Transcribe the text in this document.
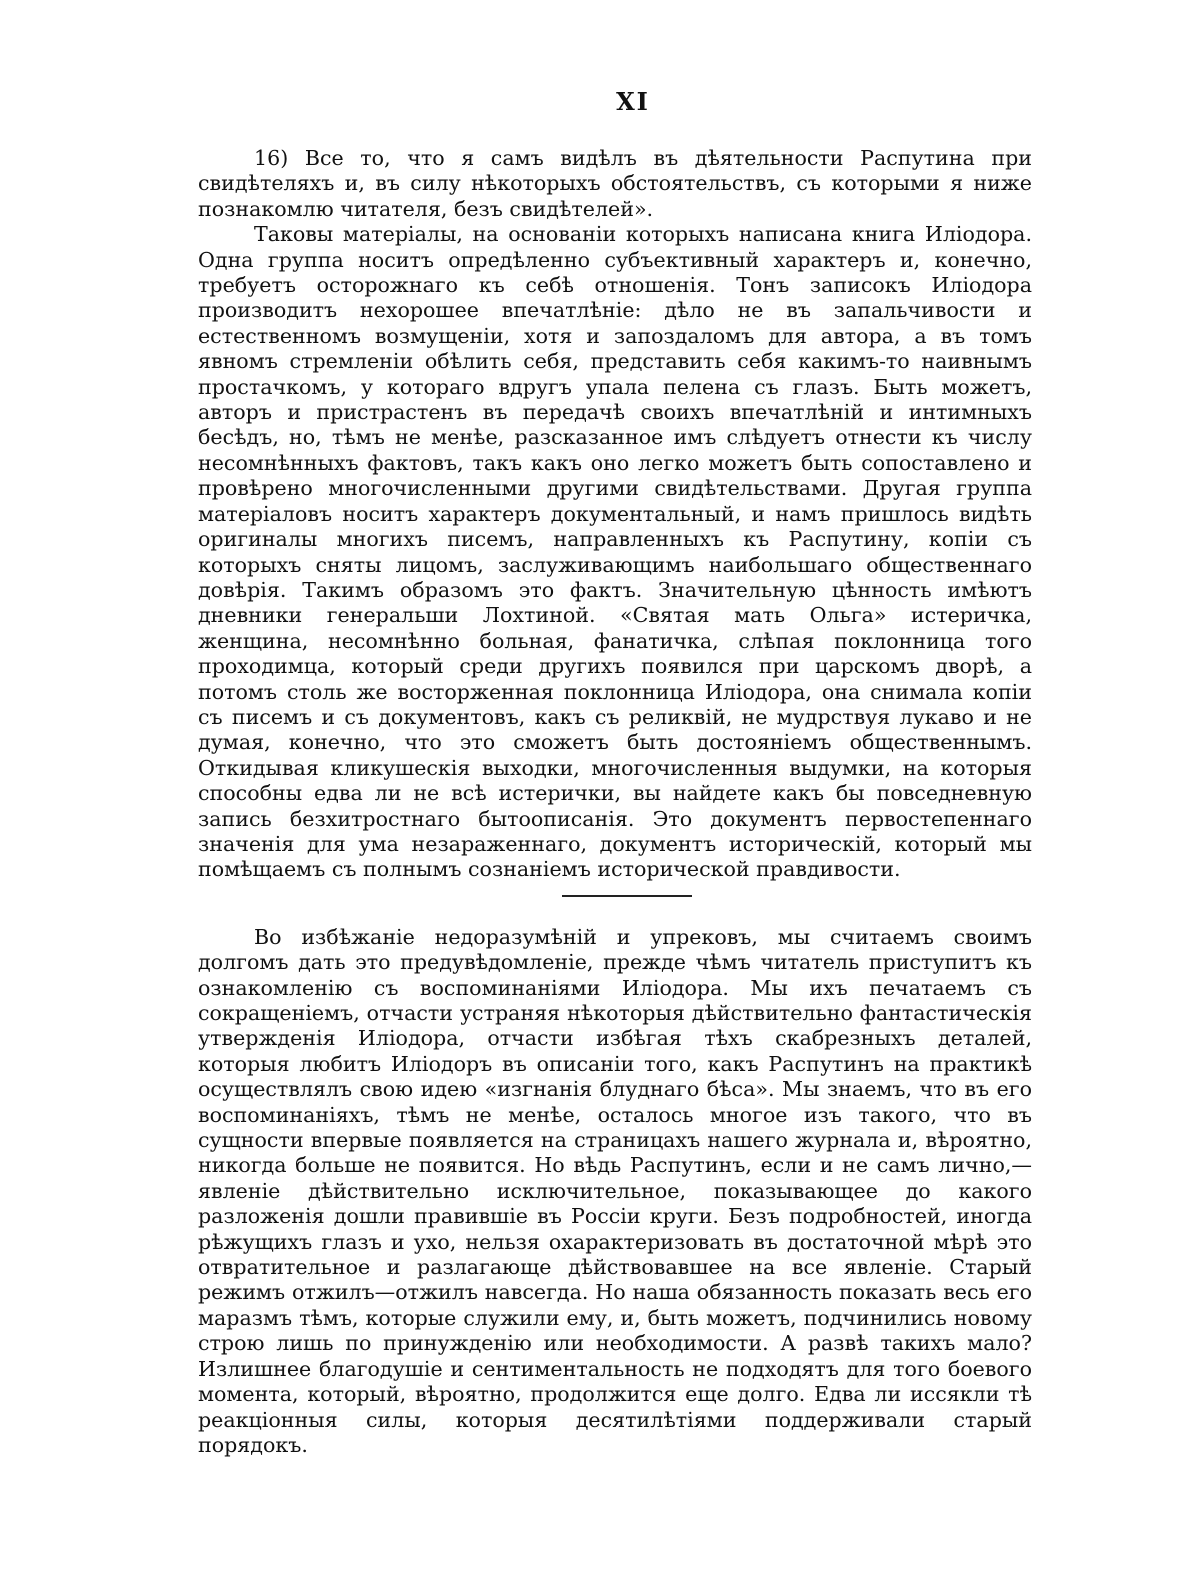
XI

16) Все то, что я самъ видѣлъ въ дѣятельности Распутина при свидѣтеляхъ и, въ силу нѣкоторыхъ обстоятельствъ, съ которыми я ниже познакомлю читателя, безъ свидѣтелей».

Таковы матеріалы, на основаніи которыхъ написана книга Иліодора. Одна группа носитъ опредѣленно субъективный характеръ и, конечно, требуетъ осторожнаго къ себѣ отношенія. Тонъ записокъ Иліодора производитъ нехорошее впечатлѣніе: дѣло не въ запальчивости и естественномъ возмущеніи, хотя и запоздаломъ для автора, а въ томъ явномъ стремленіи обѣлить себя, представить себя какимъ-то наивнымъ простачкомъ, у котораго вдругъ упала пелена съ глазъ. Быть можетъ, авторъ и пристрастенъ въ передачѣ своихъ впечатлѣній и интимныхъ бесѣдъ, но, тѣмъ не менѣе, разсказанное имъ слѣдуетъ отнести къ числу несомнѣнныхъ фактовъ, такъ какъ оно легко можетъ быть сопоставлено и провѣрено многочисленными другими свидѣтельствами. Другая группа матеріаловъ носитъ характеръ документальный, и намъ пришлось видѣть оригиналы многихъ писемъ, направленныхъ къ Распутину, копіи съ которыхъ сняты лицомъ, заслуживающимъ наибольшаго общественнаго довѣрія. Такимъ образомъ это фактъ. Значительную цѣнность имѣютъ дневники генеральши Лохтиной. «Святая мать Ольга» истеричка, женщина, несомнѣнно больная, фанатичка, слѣпая поклонница того проходимца, который среди другихъ появился при царскомъ дворѣ, а потомъ столь же восторженная поклонница Иліодора, она снимала копіи съ писемъ и съ документовъ, какъ съ реликвій, не мудрствуя лукаво и не думая, конечно, что это сможетъ быть достояніемъ общественнымъ. Откидывая кликушескія выходки, многочисленныя выдумки, на которыя способны едва ли не всѣ истерички, вы найдете какъ бы повседневную запись безхитростнаго бытоописанія. Это документъ первостепеннаго значенія для ума незараженнаго, документъ историческій, который мы помѣщаемъ съ полнымъ сознаніемъ исторической правдивости.

Во избѣжаніе недоразумѣній и упрековъ, мы считаемъ своимъ долгомъ дать это предувѣдомленіе, прежде чѣмъ читатель приступитъ къ ознакомленію съ воспоминаніями Иліодора. Мы ихъ печатаемъ съ сокращеніемъ, отчасти устраняя нѣкоторыя дѣйствительно фантастическія утвержденія Иліодора, отчасти избѣгая тѣхъ скабрезныхъ деталей, которыя любитъ Иліодоръ въ описаніи того, какъ Распутинъ на практикѣ осуществлялъ свою идею «изгнанія блуднаго бѣса». Мы знаемъ, что въ его воспоминаніяхъ, тѣмъ не менѣе, осталось многое изъ такого, что въ сущности впервые появляется на страницахъ нашего журнала и, вѣроятно, никогда больше не появится. Но вѣдь Распутинъ, если и не самъ лично,—явленіе дѣйствительно исключительное, показывающее до какого разложенія дошли правившіе въ Россіи круги. Безъ подробностей, иногда рѣжущихъ глазъ и ухо, нельзя охарактеризовать въ достаточной мѣрѣ это отвратительное и разлагающе дѣйствовавшее на все явленіе. Старый режимъ отжилъ—отжилъ навсегда. Но наша обязанность показать весь его маразмъ тѣмъ, которые служили ему, и, быть можетъ, подчинились новому строю лишь по принужденію или необходимости. А развѣ такихъ мало? Излишнее благодушіе и сентиментальность не подходятъ для того боевого момента, который, вѣроятно, продолжится еще долго. Едва ли иссякли тѣ реакціонныя силы, которыя десятилѣтіями поддерживали старый порядокъ.
